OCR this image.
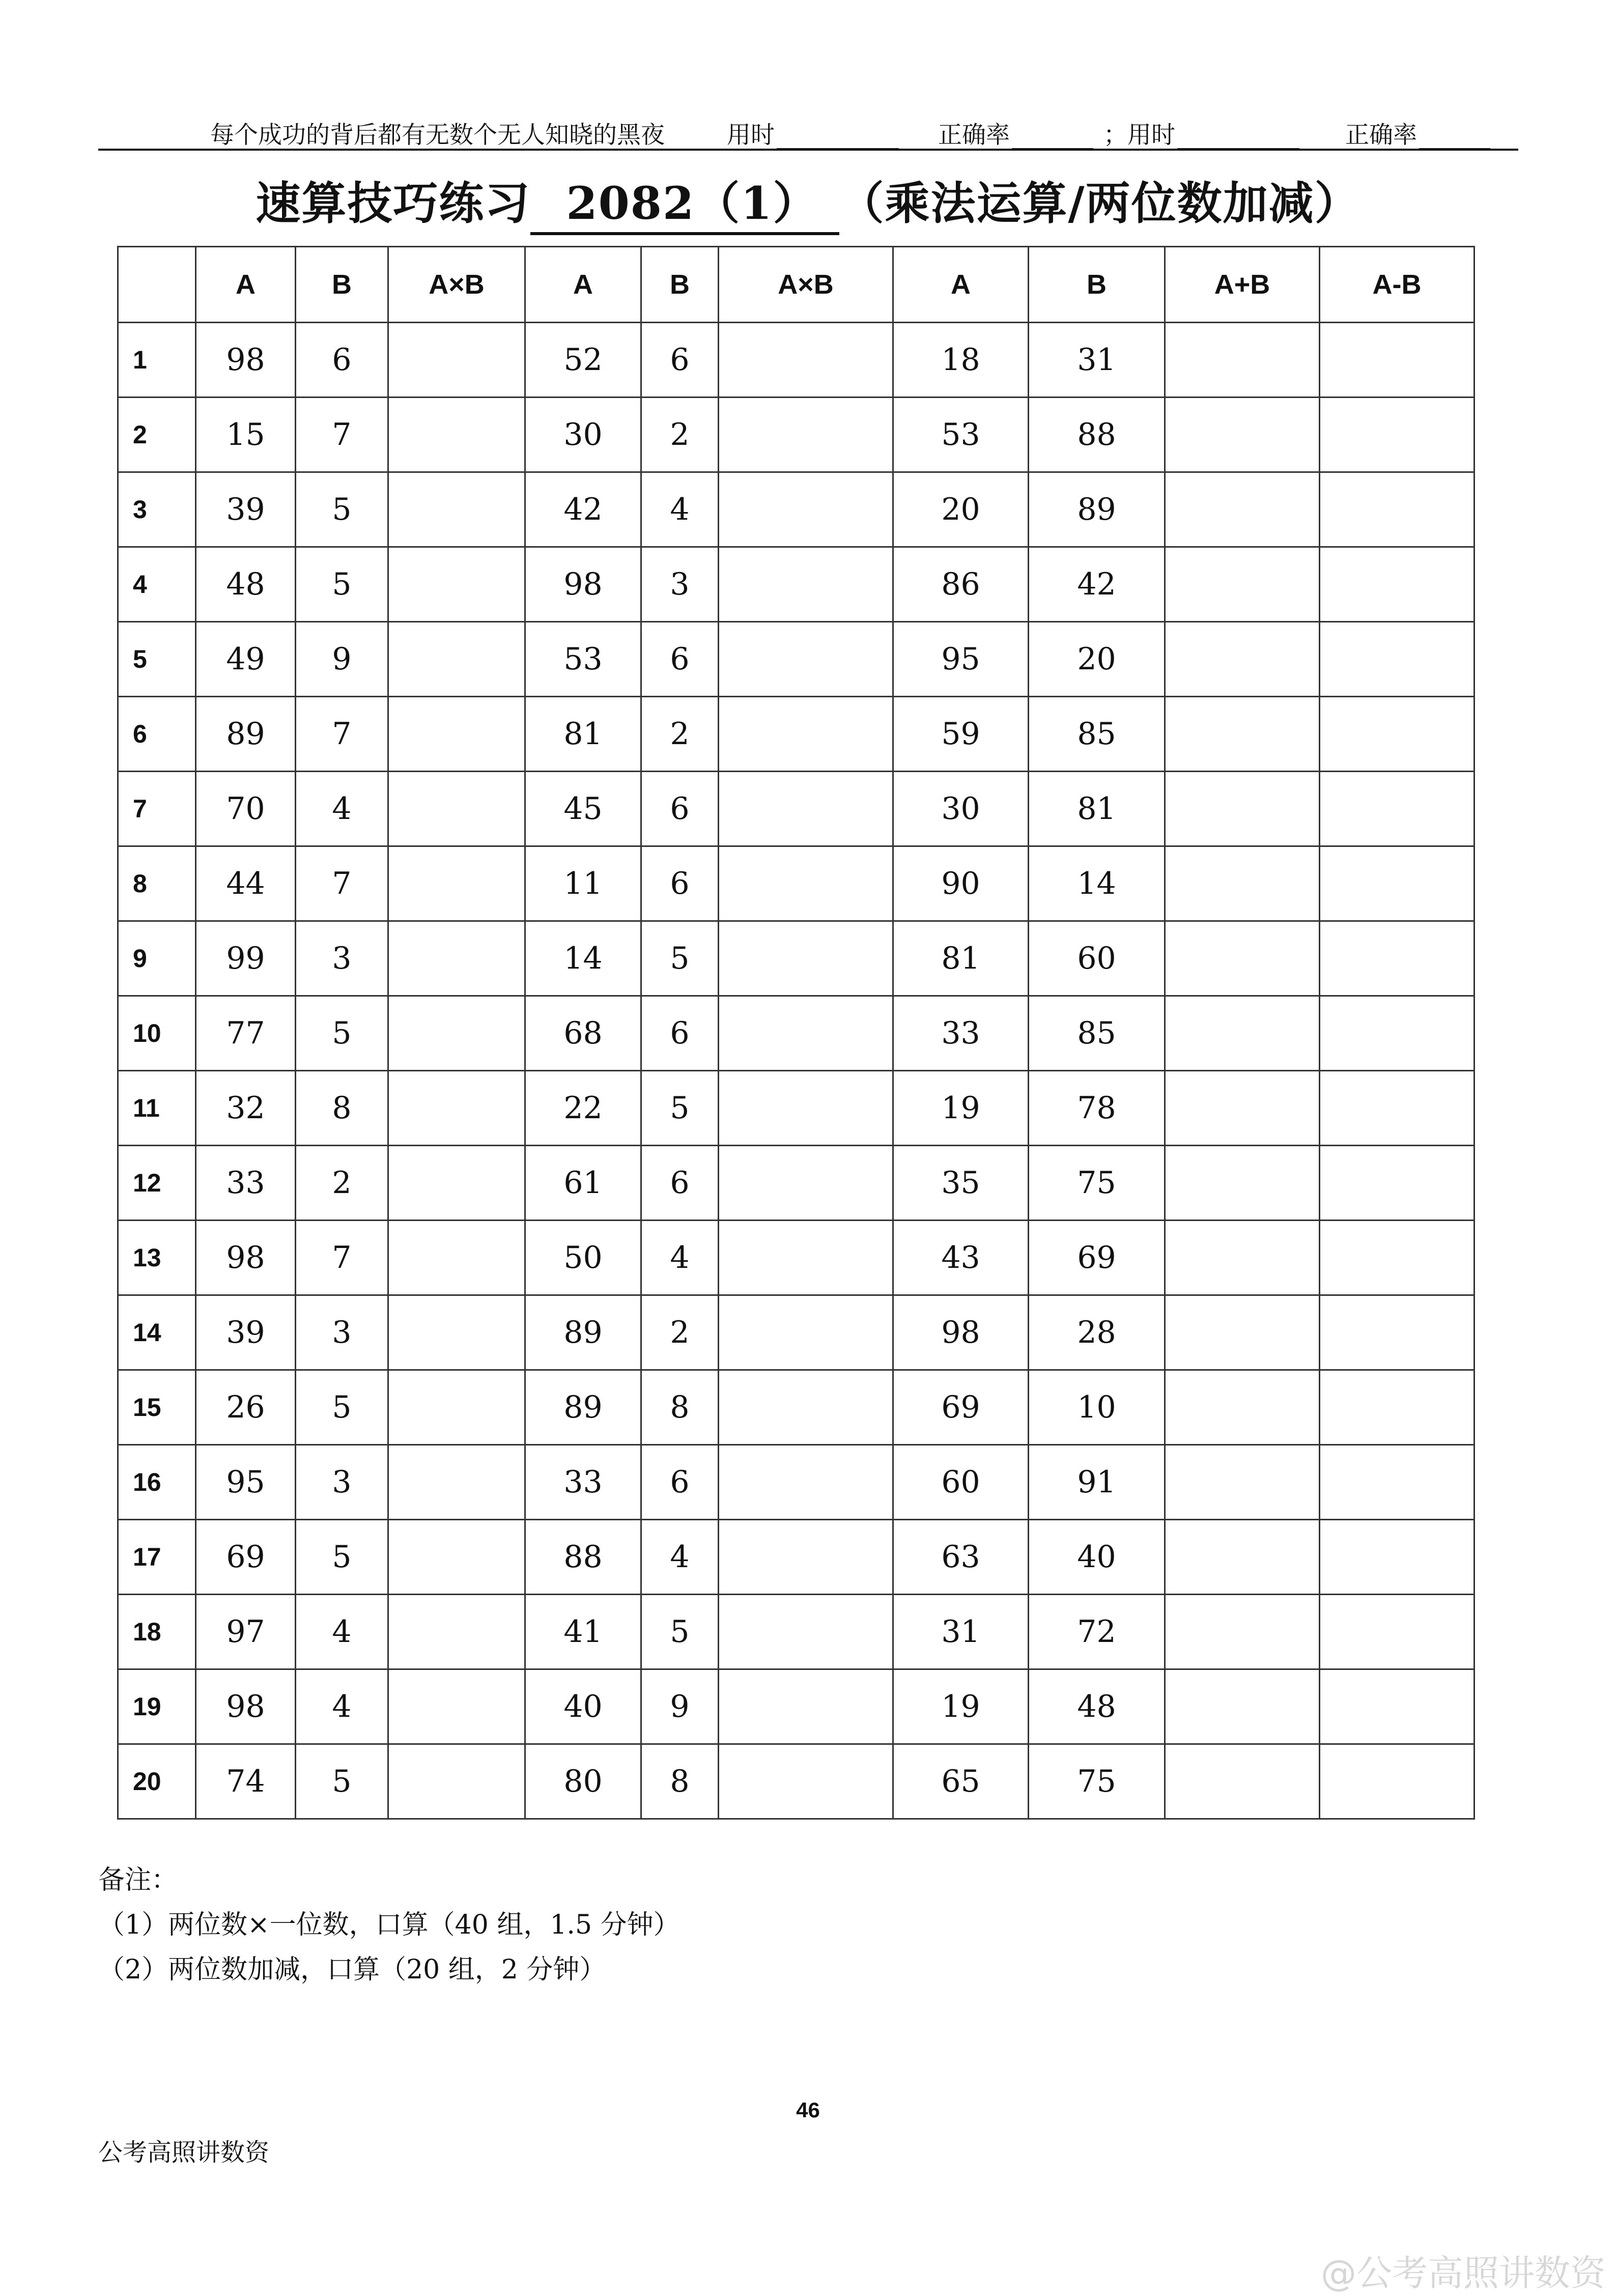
每个成功的背后都有无数个无人知晓的黑夜	用时	正确率	；用时	正确率
速算技巧练习 2082（1） （乘法运算/两位数加减）
	A	B	A×B	A	B	A×B	A	B	A+B	A-B
1	98	6		52	6		18	31		
2	15	7		30	2		53	88		
3	39	5		42	4		20	89		
4	48	5		98	3		86	42		
5	49	9		53	6		95	20		
6	89	7		81	2		59	85		
7	70	4		45	6		30	81		
8	44	7		11	6		90	14		
9	99	3		14	5		81	60		
10	77	5		68	6		33	85		
11	32	8		22	5		19	78		
12	33	2		61	6		35	75		
13	98	7		50	4		43	69		
14	39	3		89	2		98	28		
15	26	5		89	8		69	10		
16	95	3		33	6		60	91		
17	69	5		88	4		63	40		
18	97	4		41	5		31	72		
19	98	4		40	9		19	48		
20	74	5		80	8		65	75		
备注：
（1）两位数×一位数，口算（40 组，1.5 分钟）
（2）两位数加减，口算（20 组，2 分钟）
46
公考高照讲数资
@公考高照讲数资
